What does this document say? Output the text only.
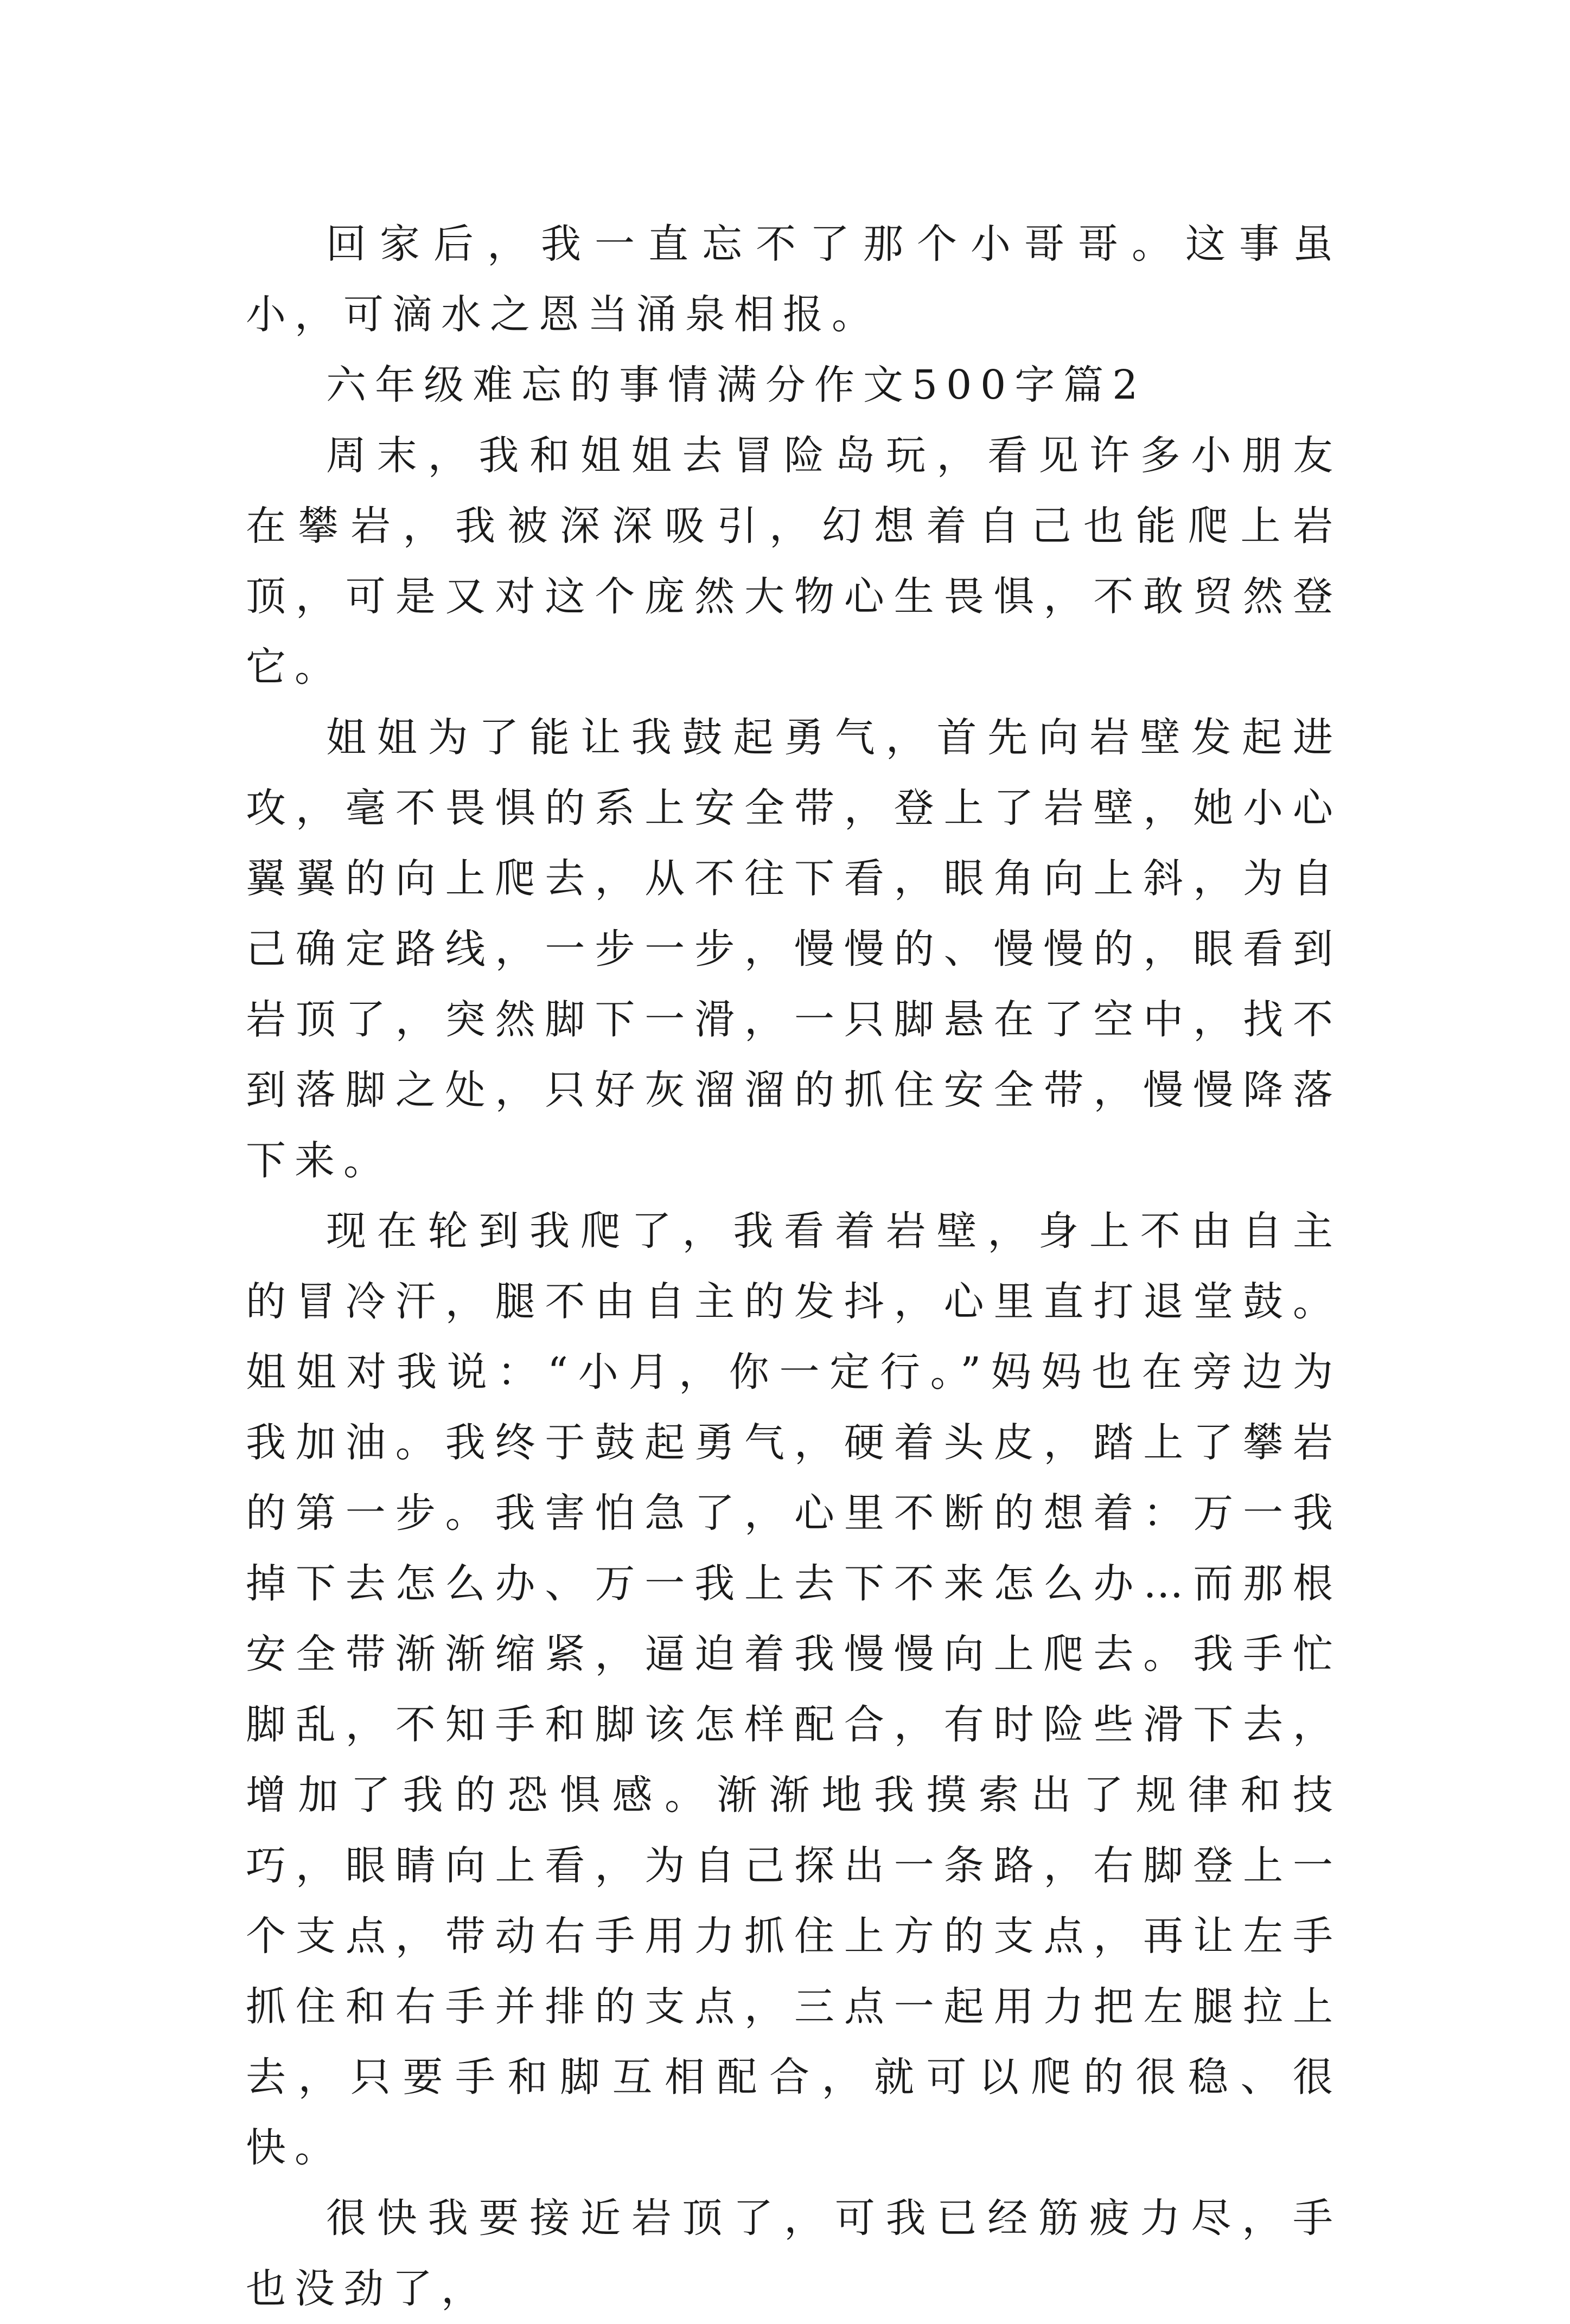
回家后，我一直忘不了那个小哥哥。这事虽小，可滴水之恩当涌泉相报。

六年级难忘的事情满分作文500字篇2

周末，我和姐姐去冒险岛玩，看见许多小朋友在攀岩，我被深深吸引，幻想着自己也能爬上岩顶，可是又对这个庞然大物心生畏惧，不敢贸然登它。

姐姐为了能让我鼓起勇气，首先向岩壁发起进攻，毫不畏惧的系上安全带，登上了岩壁，她小心翼翼的向上爬去，从不往下看，眼角向上斜，为自己确定路线，一步一步，慢慢的、慢慢的，眼看到岩顶了，突然脚下一滑，一只脚悬在了空中，找不到落脚之处，只好灰溜溜的抓住安全带，慢慢降落下来。

现在轮到我爬了，我看着岩壁，身上不由自主的冒冷汗，腿不由自主的发抖，心里直打退堂鼓。姐姐对我说：“小月，你一定行。”妈妈也在旁边为我加油。我终于鼓起勇气，硬着头皮，踏上了攀岩的第一步。我害怕急了，心里不断的想着：万一我掉下去怎么办、万一我上去下不来怎么办…而那根安全带渐渐缩紧，逼迫着我慢慢向上爬去。我手忙脚乱，不知手和脚该怎样配合，有时险些滑下去，增加了我的恐惧感。渐渐地我摸索出了规律和技巧，眼睛向上看，为自己探出一条路，右脚登上一个支点，带动右手用力抓住上方的支点，再让左手抓住和右手并排的支点，三点一起用力把左腿拉上去，只要手和脚互相配合，就可以爬的很稳、很快。

很快我要接近岩顶了，可我已经筋疲力尽，手也没劲了，
